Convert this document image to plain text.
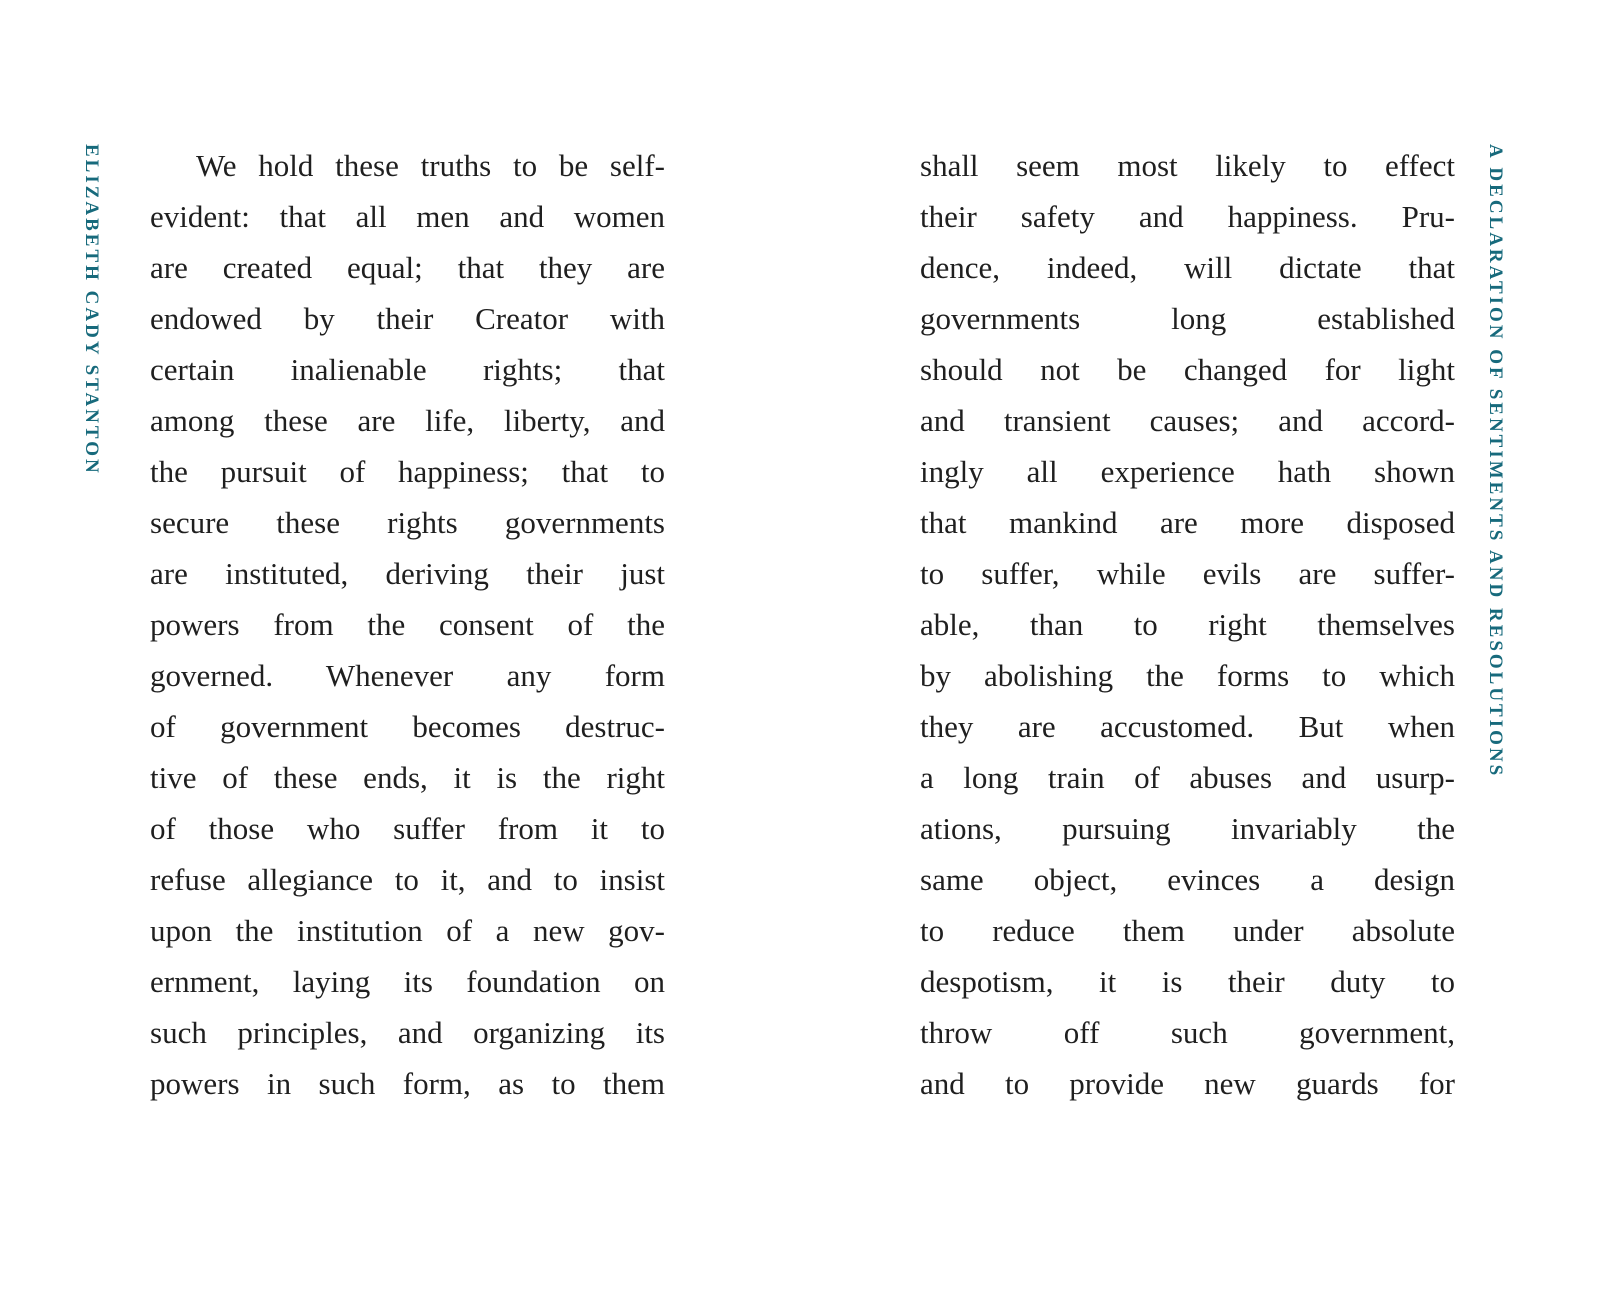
ELIZABETH CADY STANTON	We hold these truths to be self-
evident: that all men and women
are created equal; that they are
endowed by their Creator with
certain inalienable rights; that
among these are life, liberty, and
the pursuit of happiness; that to
secure these rights governments
are instituted, deriving their just
powers from the consent of the
governed. Whenever any form
of government becomes destruc-
tive of these ends, it is the right
of those who suffer from it to
refuse allegiance to it, and to insist
upon the institution of a new gov-
ernment, laying its foundation on
such principles, and organizing its
powers in such form, as to them
shall seem most likely to effect
their safety and happiness. Pru-
dence, indeed, will dictate that
governments long established
should not be changed for light
and transient causes; and accord-
ingly all experience hath shown
that mankind are more disposed
to suffer, while evils are suffer-
able, than to right themselves
by abolishing the forms to which
they are accustomed. But when
a long train of abuses and usurp-
ations, pursuing invariably the
same object, evinces a design
to reduce them under absolute
despotism, it is their duty to
throw off such government,
and to provide new guards for
A DECLARATION OF SENTIMENTS AND RESOLUTIONS
